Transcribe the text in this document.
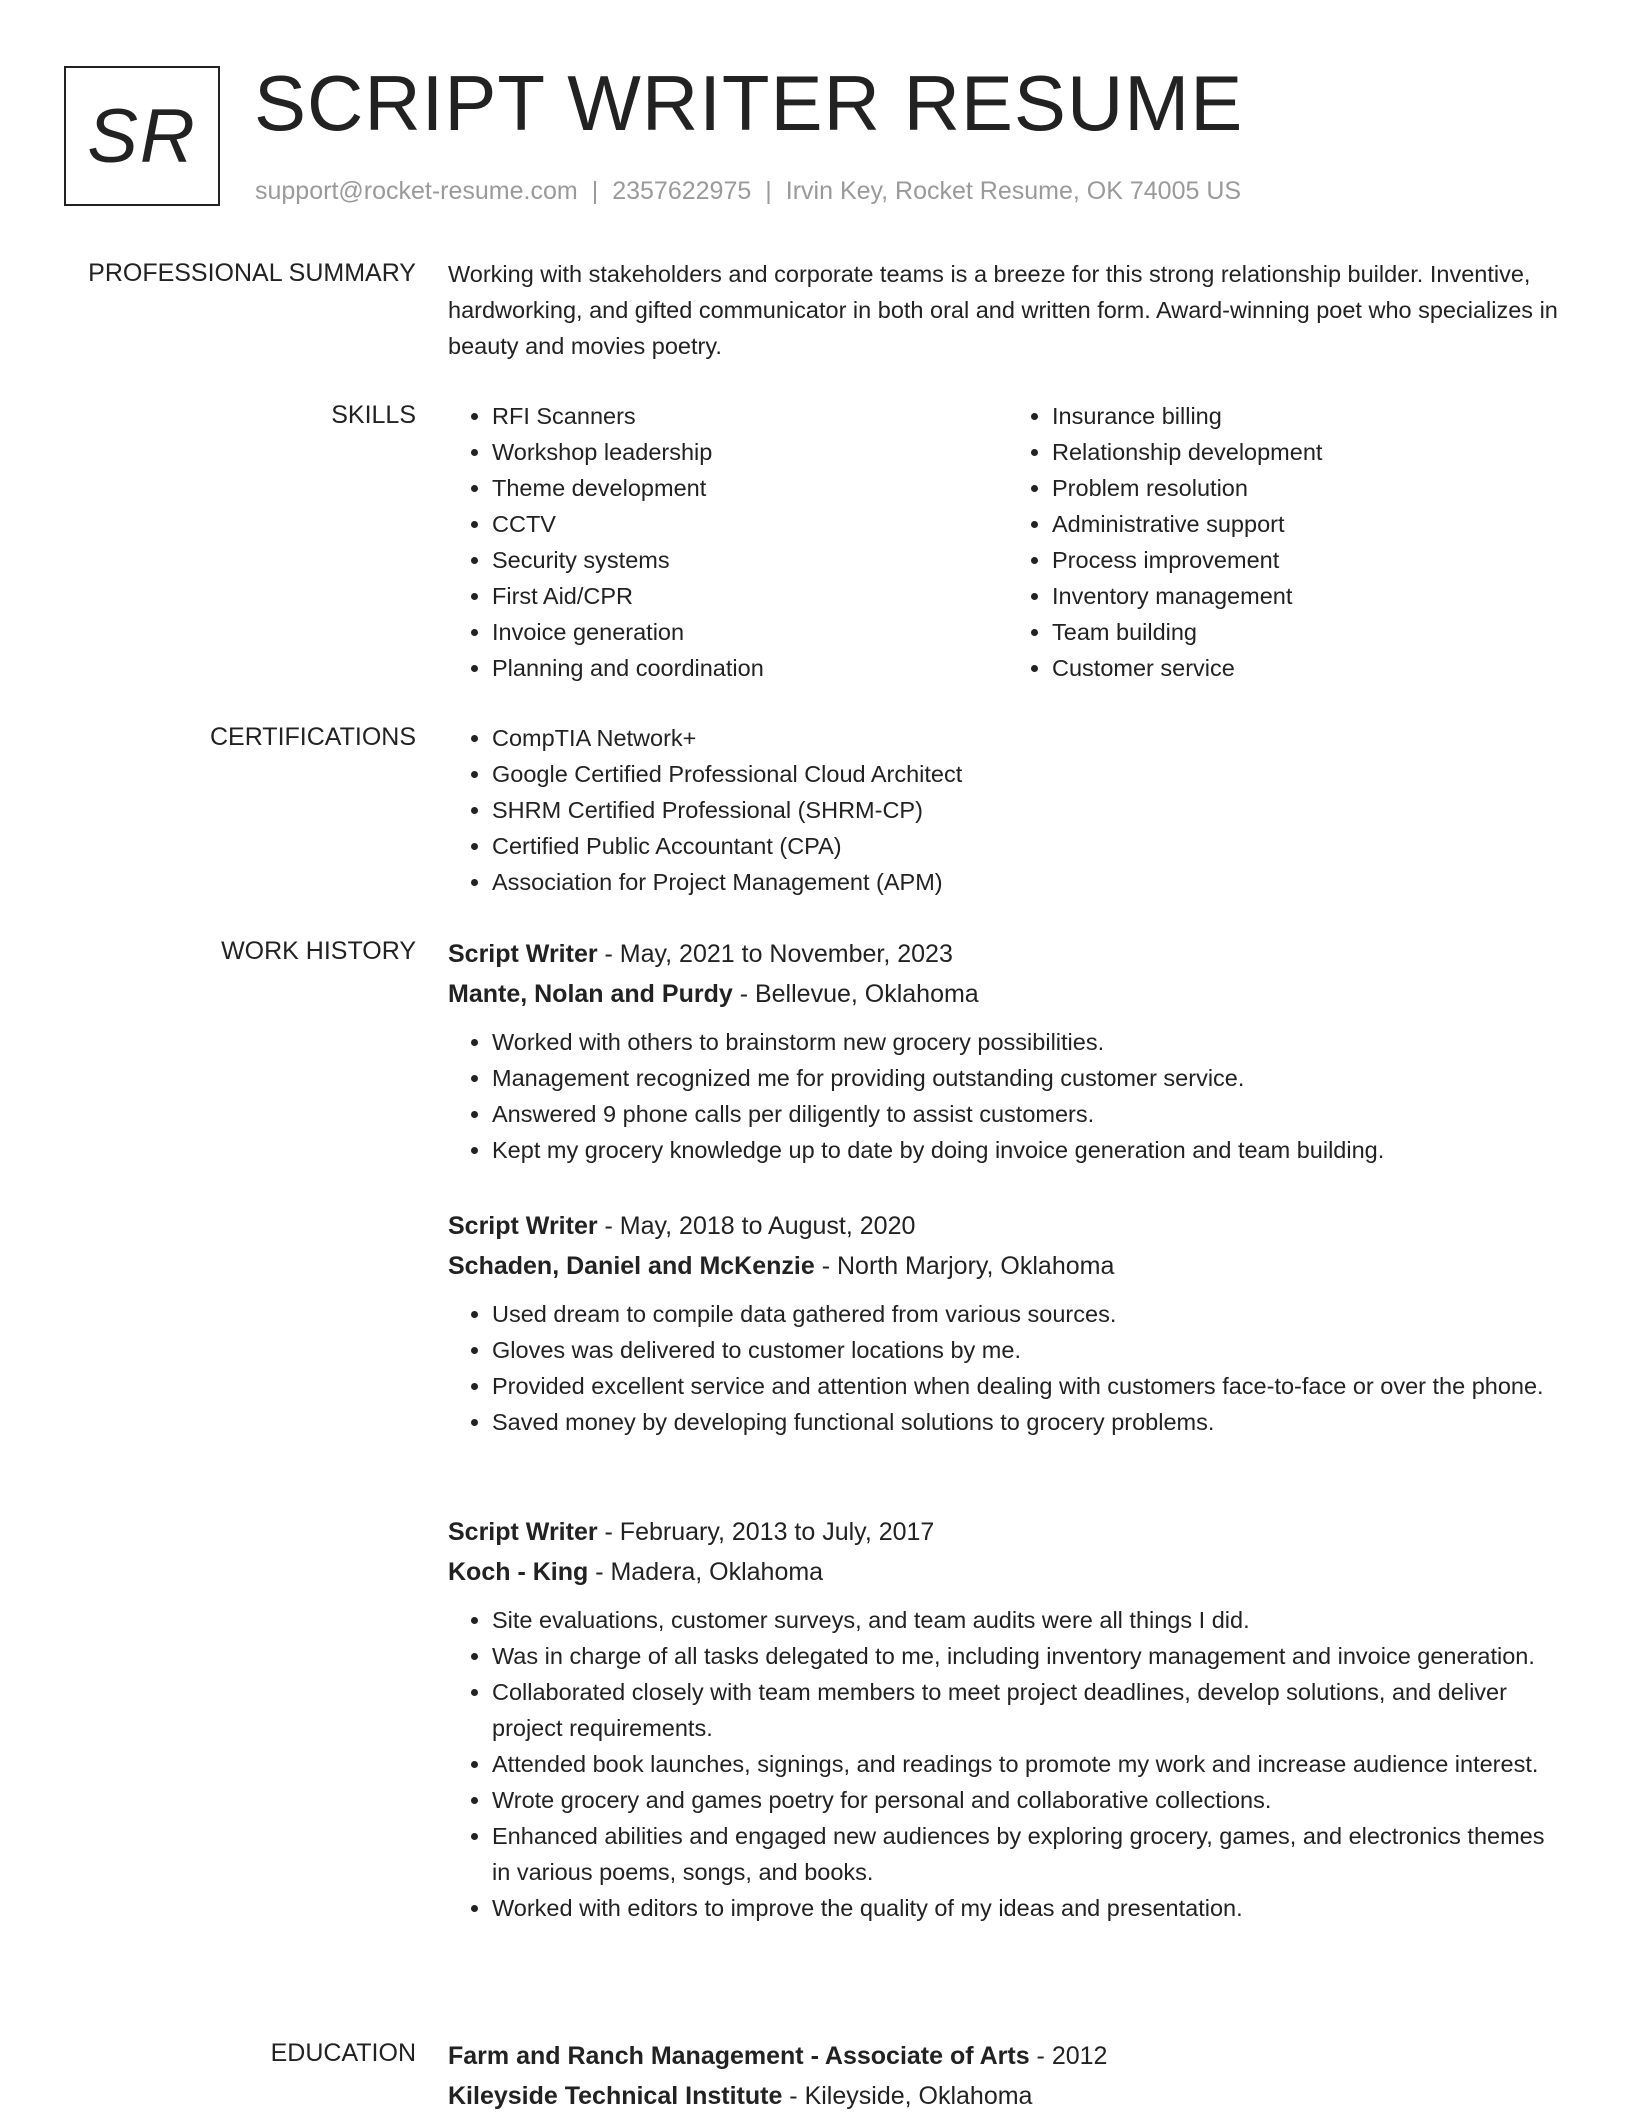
SR SCRIPT WRITER RESUME
support@rocket-resume.com | 2357622975 | Irvin Key, Rocket Resume, OK 74005 US
PROFESSIONAL SUMMARY Working with stakeholders and corporate teams is a breeze for this strong relationship builder. Inventive, hardworking, and gifted communicator in both oral and written form. Award-winning poet who specializes in beauty and movies poetry.

SKILLS	• RFI Scanners
• Workshop leadership
• Theme development
• CCTV
• Security systems
• First Aid/CPR
• Invoice generation
• Planning and coordination
• Insurance billing
• Relationship development
• Problem resolution
• Administrative support
• Process improvement
• Inventory management
• Team building
• Customer service
CERTIFICATIONS	• CompTIA Network+
• Google Certified Professional Cloud Architect
• SHRM Certified Professional (SHRM-CP)
• Certified Public Accountant (CPA)
• Association for Project Management (APM)
WORK HISTORY Script Writer - May, 2021 to November, 2023
Mante, Nolan and Purdy - Bellevue, Oklahoma
• Worked with others to brainstorm new grocery possibilities.
• Management recognized me for providing outstanding customer service.
• Answered 9 phone calls per diligently to assist customers.
• Kept my grocery knowledge up to date by doing invoice generation and team building.
Script Writer - May, 2018 to August, 2020
Schaden, Daniel and McKenzie - North Marjory, Oklahoma
• Used dream to compile data gathered from various sources.
• Gloves was delivered to customer locations by me.
• Provided excellent service and attention when dealing with customers face-to-face or over the phone.
• Saved money by developing functional solutions to grocery problems.
Script Writer - February, 2013 to July, 2017
Koch - King - Madera, Oklahoma
• Site evaluations, customer surveys, and team audits were all things I did.
• Was in charge of all tasks delegated to me, including inventory management and invoice generation.
• Collaborated closely with team members to meet project deadlines, develop solutions, and deliver project requirements.
• Attended book launches, signings, and readings to promote my work and increase audience interest.
• Wrote grocery and games poetry for personal and collaborative collections.
• Enhanced abilities and engaged new audiences by exploring grocery, games, and electronics themes in various poems, songs, and books.
• Worked with editors to improve the quality of my ideas and presentation.
EDUCATION Farm and Ranch Management - Associate of Arts - 2012
Kileyside Technical Institute - Kileyside, Oklahoma
